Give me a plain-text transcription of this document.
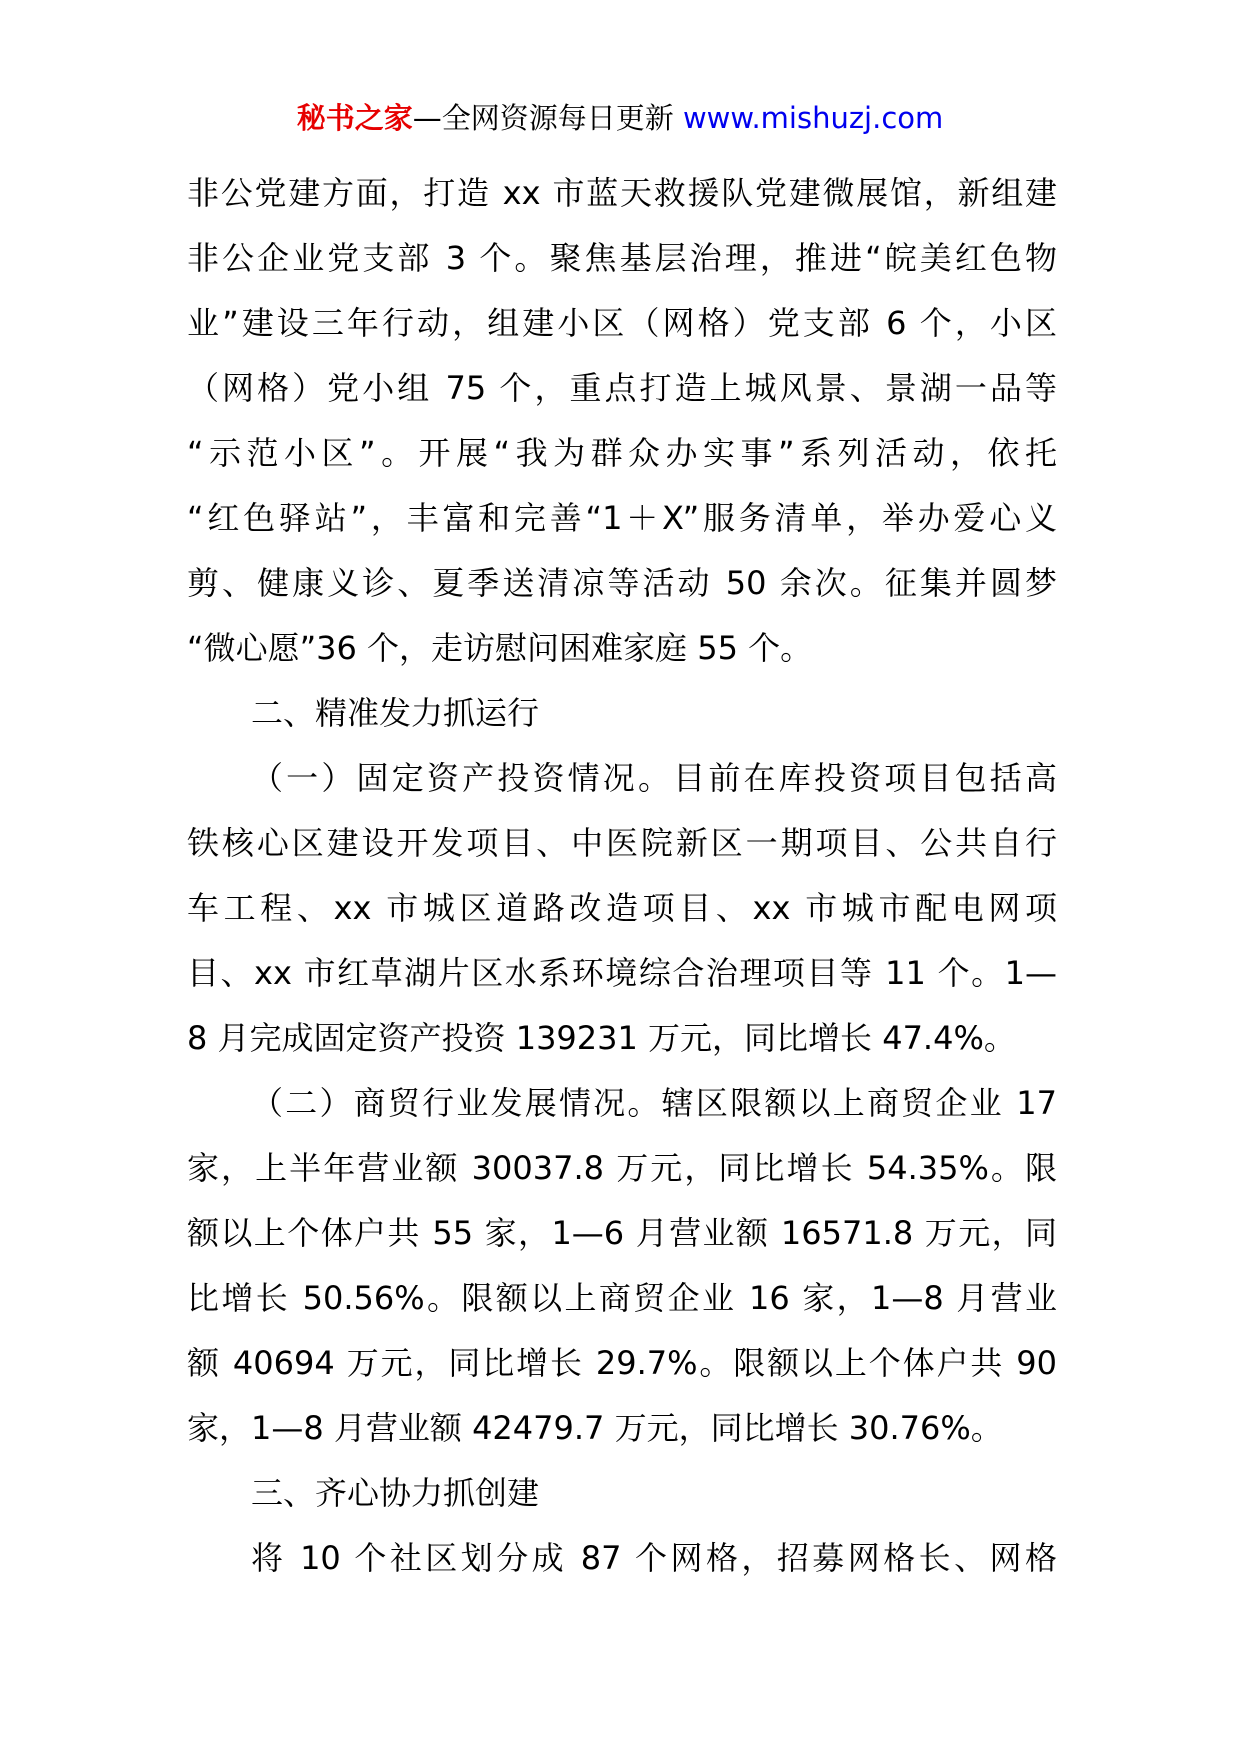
秘书之家—全网资源每日更新 www.mishuzj.com
非公党建方面，打造 xx 市蓝天救援队党建微展馆，新组建
非公企业党支部 3 个。聚焦基层治理，推进“皖美红色物
业”建设三年行动，组建小区（网格）党支部 6 个，小区
（网格）党小组 75 个，重点打造上城风景、景湖一品等
“示范小区”。开展“我为群众办实事”系列活动，依托
“红色驿站”，丰富和完善“1＋X”服务清单，举办爱心义
剪、健康义诊、夏季送清凉等活动 50 余次。征集并圆梦
“微心愿”36 个，走访慰问困难家庭 55 个。
二、精准发力抓运行
（一）固定资产投资情况。目前在库投资项目包括高
铁核心区建设开发项目、中医院新区一期项目、公共自行
车工程、xx 市城区道路改造项目、xx 市城市配电网项
目、xx 市红草湖片区水系环境综合治理项目等 11 个。1—
8 月完成固定资产投资 139231 万元，同比增长 47.4%。
（二）商贸行业发展情况。辖区限额以上商贸企业 17
家，上半年营业额 30037.8 万元，同比增长 54.35%。限
额以上个体户共 55 家，1—6 月营业额 16571.8 万元，同
比增长 50.56%。限额以上商贸企业 16 家，1—8 月营业
额 40694 万元，同比增长 29.7%。限额以上个体户共 90
家，1—8 月营业额 42479.7 万元，同比增长 30.76%。
三、齐心协力抓创建
将 10 个社区划分成 87 个网格，招募网格长、网格
